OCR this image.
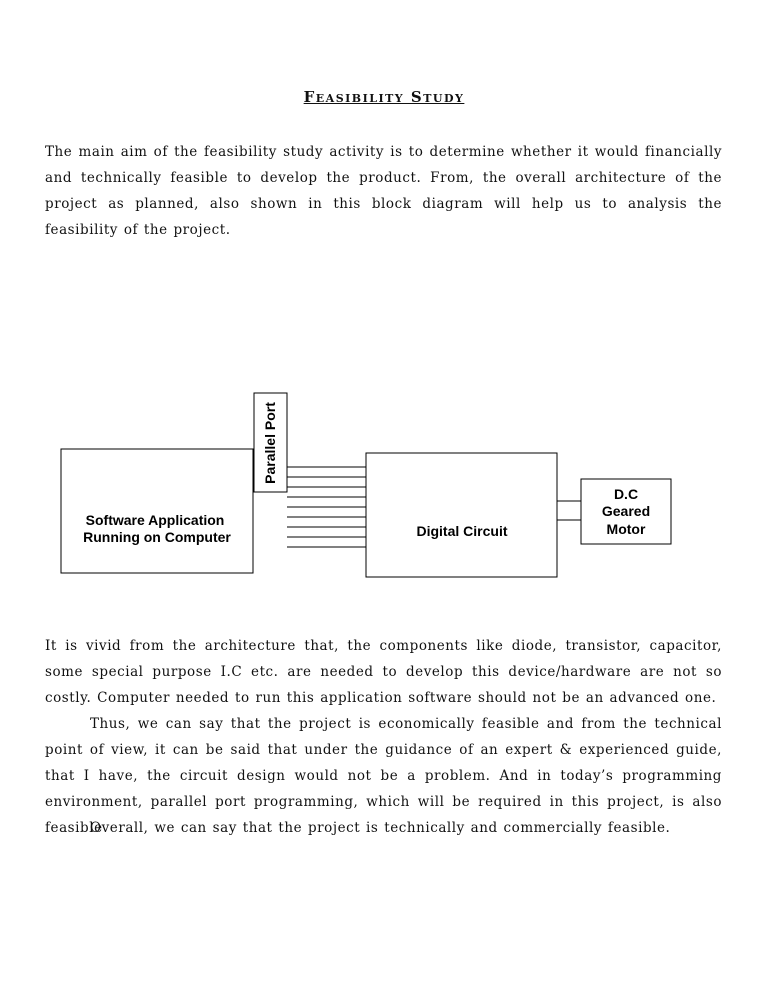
Feasibility Study

The main aim of the feasibility study activity is to determine whether it would financially and technically feasible to develop the product. From, the overall architecture of the project as planned, also shown in this block diagram will help us to analysis the feasibility of the project.

Software Application
Running on Computer
Parallel Port
Digital Circuit
D.C
Geared
Motor

It is vivid from the architecture that, the components like diode, transistor, capacitor, some special purpose I.C etc. are needed to develop this device/hardware are not so costly. Computer needed to run this application software should not be an advanced one.

Thus, we can say that the project is economically feasible and from the technical point of view, it can be said that under the guidance of an expert & experienced guide, that I have, the circuit design would not be a problem. And in today’s programming environment, parallel port programming, which will be required in this project, is also feasible

Overall, we can say that the project is technically and commercially feasible.
